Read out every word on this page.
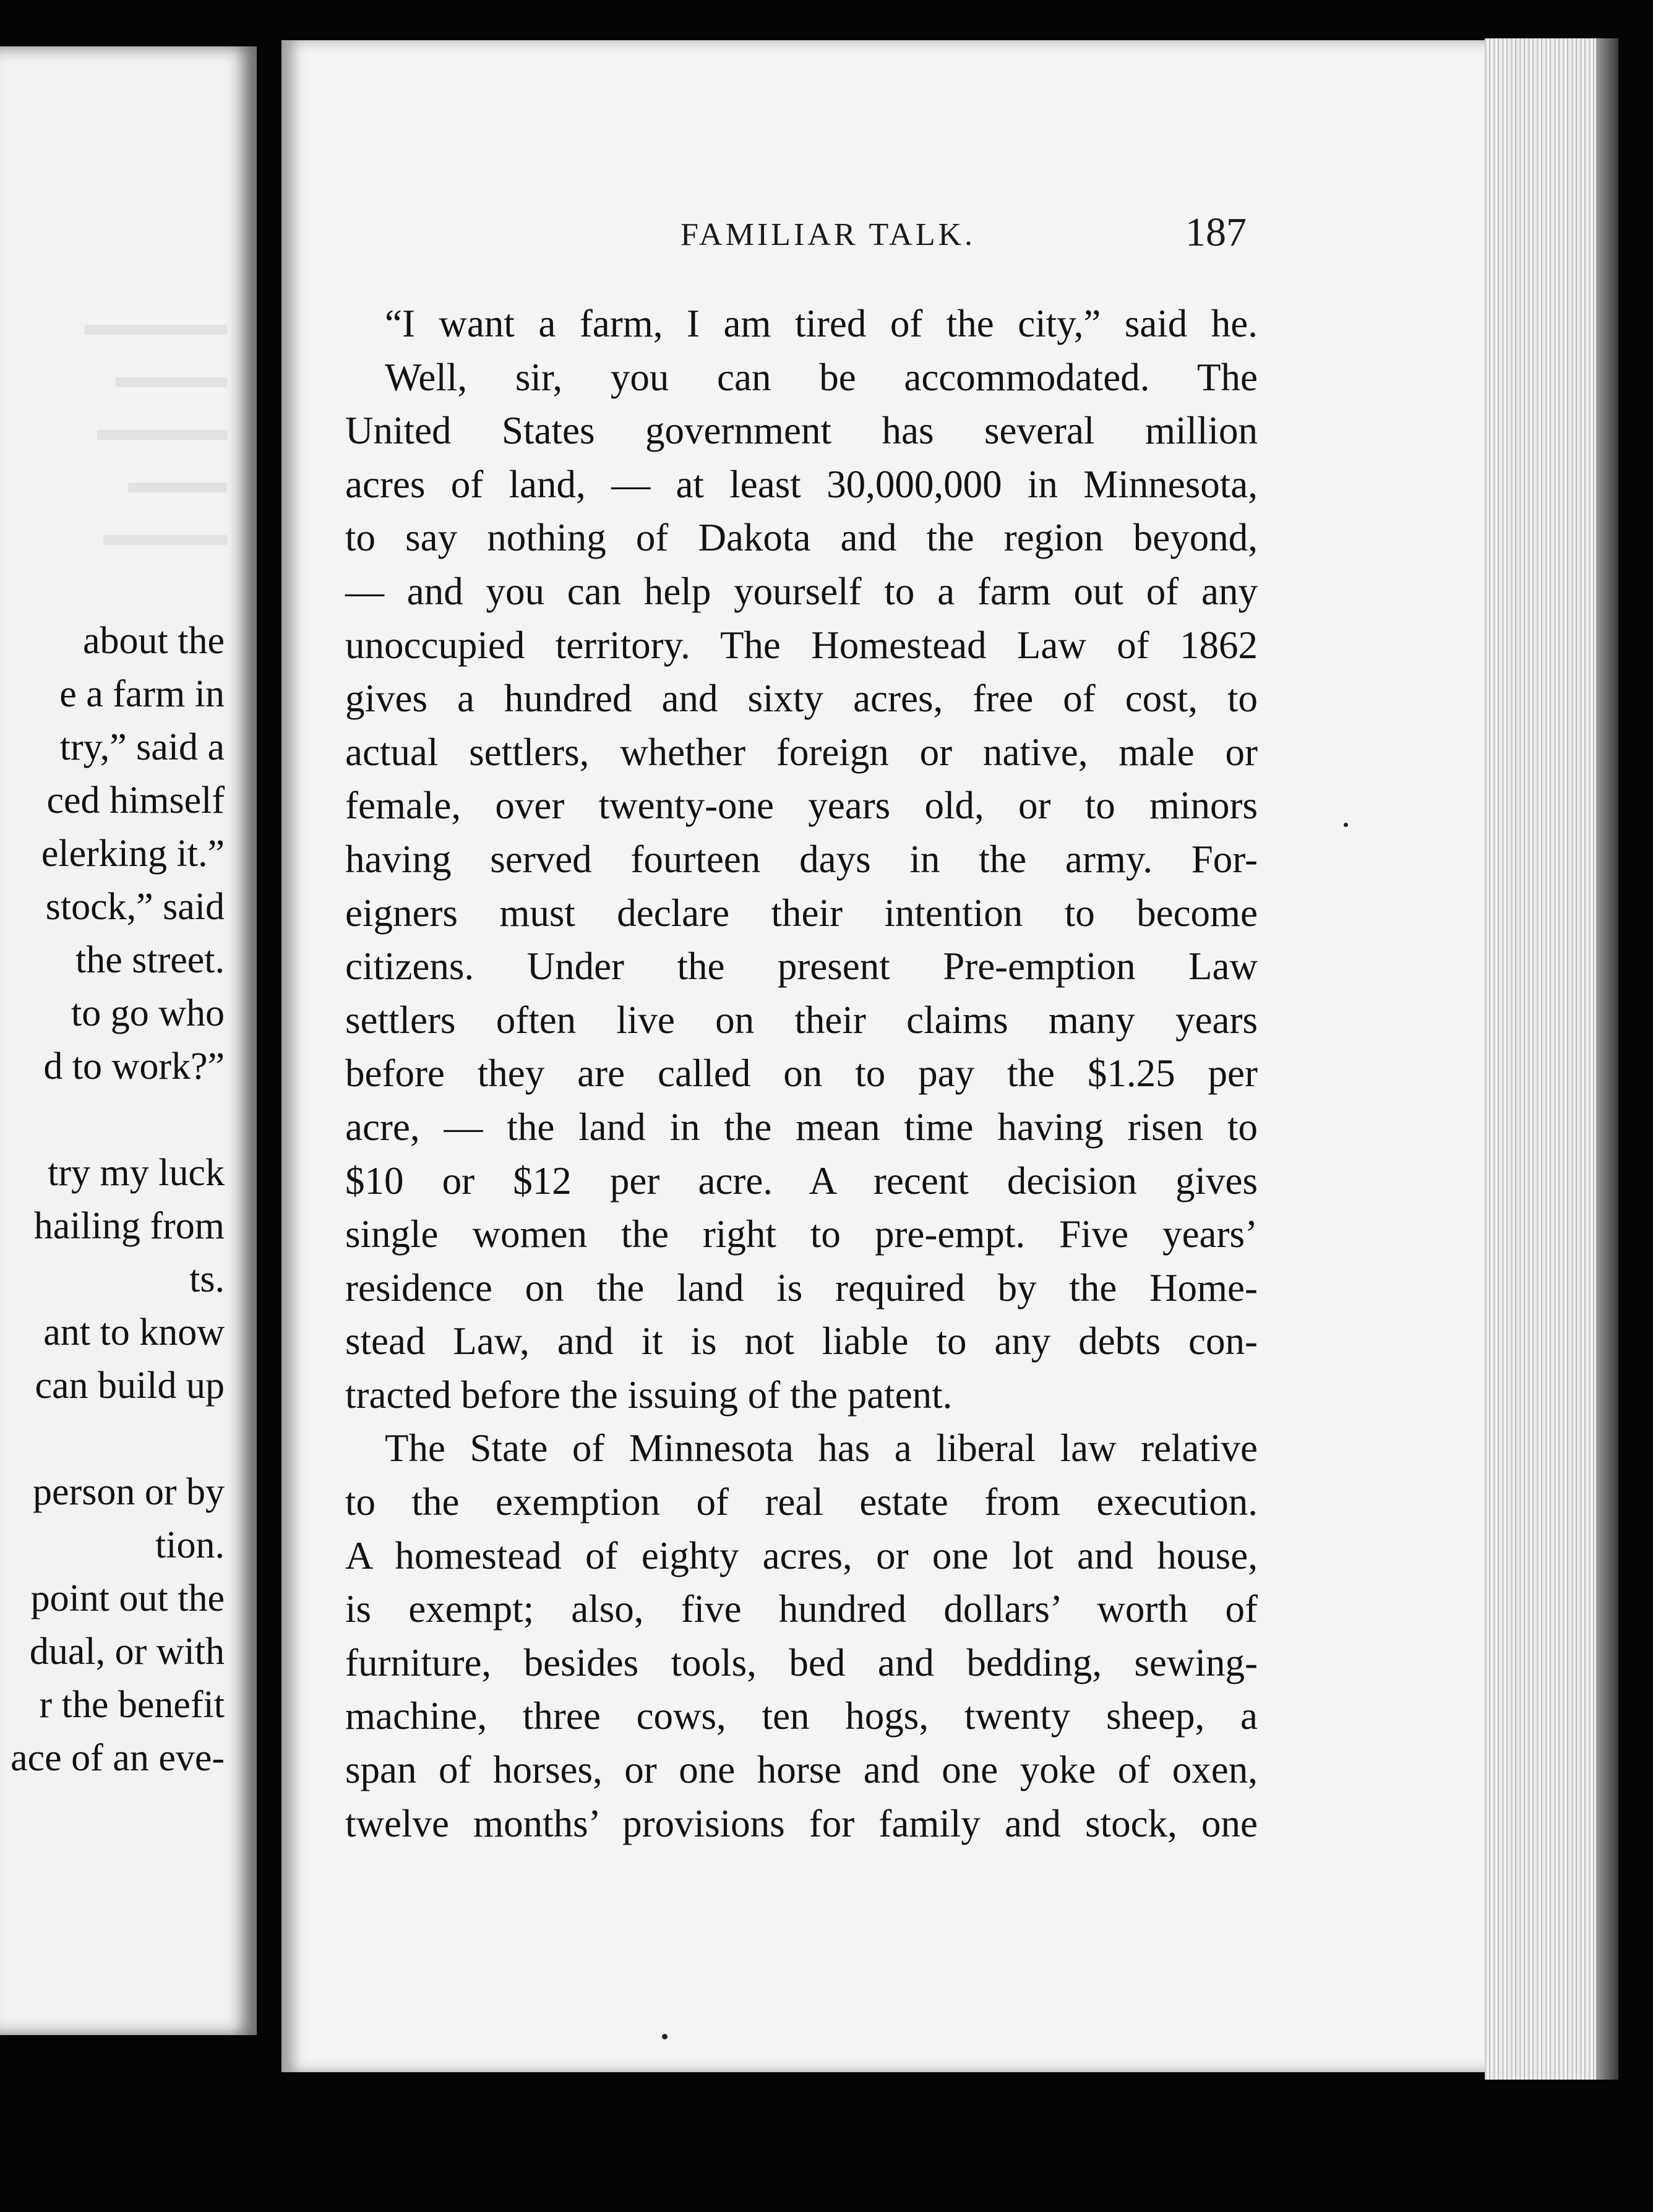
about the

e a farm in

try,” said a

ced himself

elerking it.”

stock,” said

the street.

to go who

d to work?”

try my luck

hailing from

ts.

ant to know

can build up

person or by

tion.

point out the

dual, or with

r the benefit

ace of an eve-

FAMILIAR TALK.	187

“I want a farm, I am tired of the city,” said he.
Well, sir, you can be accommodated. The
United States government has several million
acres of land, — at least 30,000,000 in Minnesota,
to say nothing of Dakota and the region beyond,
— and you can help yourself to a farm out of any
unoccupied territory. The Homestead Law of 1862
gives a hundred and sixty acres, free of cost, to
actual settlers, whether foreign or native, male or
female, over twenty-one years old, or to minors
having served fourteen days in the army. For-
eigners must declare their intention to become
citizens. Under the present Pre-emption Law
settlers often live on their claims many years
before they are called on to pay the $1.25 per
acre, — the land in the mean time having risen to
$10 or $12 per acre. A recent decision gives
single women the right to pre-empt. Five years’
residence on the land is required by the Home-
stead Law, and it is not liable to any debts con-
tracted before the issuing of the patent.
The State of Minnesota has a liberal law relative
to the exemption of real estate from execution.
A homestead of eighty acres, or one lot and house,
is exempt; also, five hundred dollars’ worth of
furniture, besides tools, bed and bedding, sewing-
machine, three cows, ten hogs, twenty sheep, a
span of horses, or one horse and one yoke of oxen,
twelve months’ provisions for family and stock, one
